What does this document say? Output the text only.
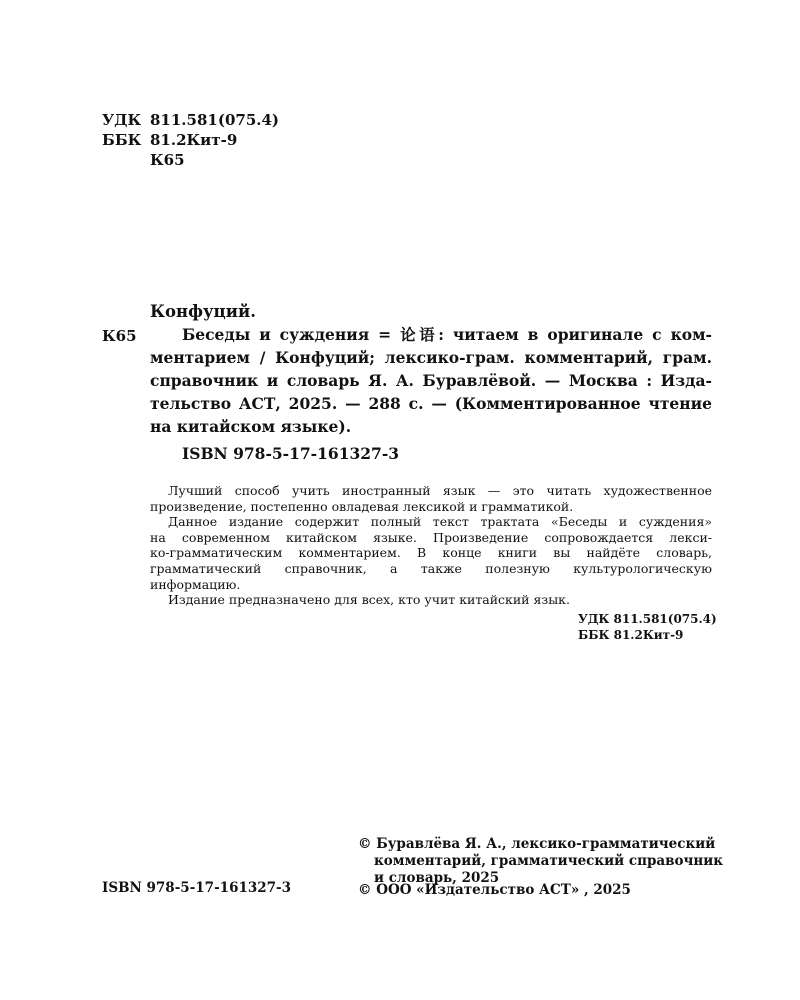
УДК 811.581(075.4)
ББК 81.2Кит-9
К65
Конфуций.
К65	Беседы и суждения = 论语: читаем в оригинале с ком-
ментарием / Конфуций; лексико-грам. комментарий, грам.
справочник и словарь Я. А. Буравлёвой. — Москва : Изда-
тельство АСТ, 2025. — 288 с. — (Комментированное чтение
на китайском языке).
ISBN 978-5-17-161327-3
Лучший способ учить иностранный язык — это читать художественное
произведение, постепенно овладевая лексикой и грамматикой.
Данное издание содержит полный текст трактата «Беседы и суждения»
на современном китайском языке. Произведение сопровождается лекси-
ко-грамматическим комментарием. В конце книги вы найдёте словарь,
грамматический справочник, а также полезную культурологическую
информацию.
Издание предназначено для всех, кто учит китайский язык.
УДК 811.581(075.4)
ББК 81.2Кит-9
ISBN 978-5-17-161327-3
© Буравлёва Я. А., лексико-грамматический
комментарий, грамматический справочник
и словарь, 2025
© ООО «Издательство АСТ» , 2025
